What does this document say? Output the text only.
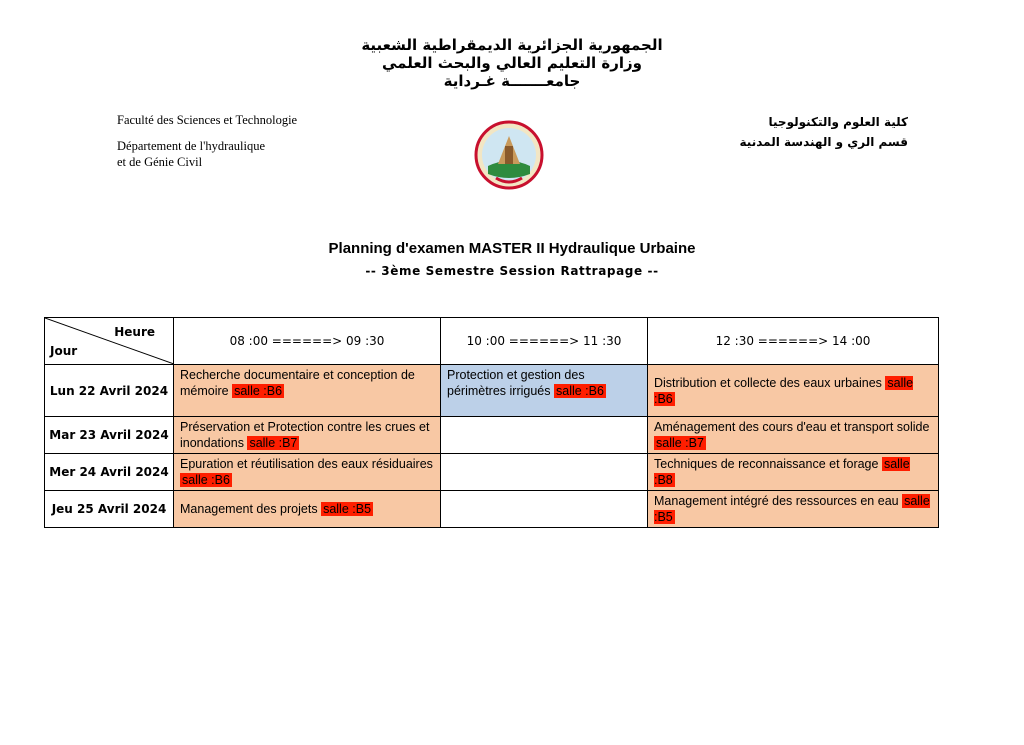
الجمهورية الجزائرية الديمقراطية الشعبية
وزارة التعليم العالي والبحث العلمي
جامعـــــــة غـرداية
Faculté des Sciences et Technologie
Département de l'hydraulique
et de Génie Civil
كلية العلوم والتكنولوجيا
قسم الري و الهندسة المدنية
Planning d'examen MASTER II Hydraulique Urbaine
-- 3ème Semestre Session Rattrapage --
Heure
Jour	08 :00 ======> 09 :30	10 :00 ======> 11 :30	12 :30 ======> 14 :00
Lun 22 Avril 2024	Recherche documentaire et conception de mémoire salle :B6	Protection et gestion des périmètres irrigués salle :B6	Distribution et collecte des eaux urbaines salle :B6
Mar 23 Avril 2024	Préservation et Protection contre les crues et inondations salle :B7		Aménagement des cours d'eau et transport solide salle :B7
Mer 24 Avril 2024	Epuration et réutilisation des eaux résiduaires salle :B6		Techniques de reconnaissance et forage salle :B8
Jeu 25 Avril 2024	Management des projets salle :B5		Management intégré des ressources en eau salle :B5
